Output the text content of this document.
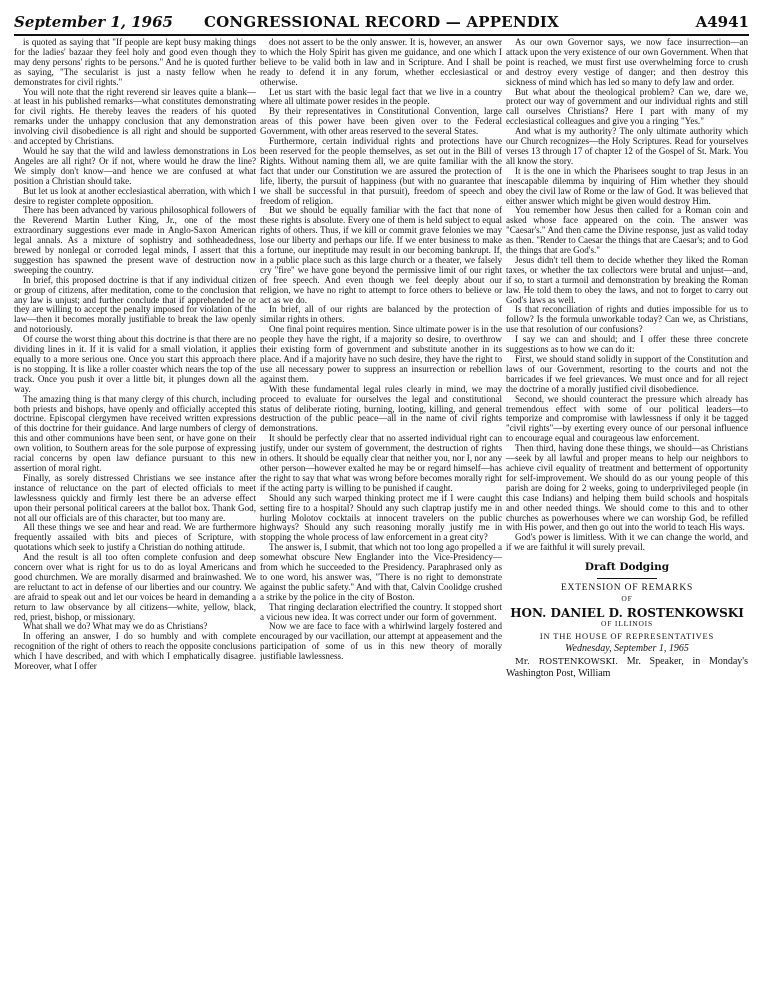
September 1, 1965	CONGRESSIONAL RECORD — APPENDIX	A4941

is quoted as saying that "If people are kept busy making things for the ladies' bazaar they feel holy and good even though they may deny persons' rights to be persons." And he is quoted further as saying, "The secularist is just a nasty fellow when he demonstrates for civil rights."

You will note that the right reverend sir leaves quite a blank—at least in his published remarks—what constitutes demonstrating for civil rights. He thereby leaves the readers of his quoted remarks under the unhappy conclusion that any demonstration involving civil disobedience is all right and should be supported and accepted by Christians.

Would he say that the wild and lawless demonstrations in Los Angeles are all right? Or if not, where would he draw the line? We simply don't know—and hence we are confused at what position a Christian should take.

But let us look at another ecclesiastical aberration, with which I desire to register complete opposition.

There has been advanced by various philosophical followers of the Reverend Martin Luther King, Jr., one of the most extraordinary suggestions ever made in Anglo-Saxon American legal annals. As a mixture of sophistry and sothheadedness, brewed by nonlegal or corroded legal minds, I assert that this suggestion has spawned the present wave of destruction now sweeping the country.

In brief, this proposed doctrine is that if any individual citizen or group of citizens, after meditation, come to the conclusion that any law is unjust; and further conclude that if apprehended he or they are willing to accept the penalty imposed for violation of the law—then it becomes morally justifiable to break the law openly and notoriously.

Of course the worst thing about this doctrine is that there are no dividing lines in it. If it is valid for a small violation, it applies equally to a more serious one. Once you start this approach there is no stopping. It is like a roller coaster which nears the top of the track. Once you push it over a little bit, it plunges down all the way.

The amazing thing is that many clergy of this church, including both priests and bishops, have openly and officially accepted this doctrine. Episcopal clergymen have received written expressions of this doctrine for their guidance. And large numbers of clergy of this and other communions have been sent, or have gone on their own volition, to Southern areas for the sole purpose of expressing racial concerns by open law defiance pursuant to this new assertion of moral right.

Finally, as sorely distressed Christians we see instance after instance of reluctance on the part of elected officials to meet lawlessness quickly and firmly lest there be an adverse effect upon their personal political careers at the ballot box. Thank God, not all our officials are of this character, but too many are.

All these things we see and hear and read. We are furthermore frequently assailed with bits and pieces of Scripture, with quotations which seek to justify a Christian do nothing attitude.

And the result is all too often complete confusion and deep concern over what is right for us to do as loyal Americans and good churchmen. We are morally disarmed and brainwashed. We are reluctant to act in defense of our liberties and our country. We are afraid to speak out and let our voices be heard in demanding a return to law observance by all citizens—white, yellow, black, red, priest, bishop, or missionary.

What shall we do? What may we do as Christians?

In offering an answer, I do so humbly and with complete recognition of the right of others to reach the opposite conclusions which I have described, and with which I emphatically disagree. Moreover, what I offer

does not assert to be the only answer. It is, however, an answer to which the Holy Spirit has given me guidance, and one which I believe to be valid both in law and in Scripture. And I shall be ready to defend it in any forum, whether ecclesiastical or otherwise.

Let us start with the basic legal fact that we live in a country where all ultimate power resides in the people.

By their representatives in Constitutional Convention, large areas of this power have been given over to the Federal Government, with other areas reserved to the several States.

Furthermore, certain individual rights and protections have been reserved for the people themselves, as set out in the Bill of Rights. Without naming them all, we are quite familiar with the fact that under our Constitution we are assured the protection of life, liberty, the pursuit of happiness (but with no guarantee that we shall be successful in that pursuit), freedom of speech and freedom of religion.

But we should be equally familiar with the fact that none of these rights is absolute. Every one of them is held subject to equal rights of others. Thus, if we kill or commit grave felonies we may lose our liberty and perhaps our life. If we enter business to make a fortune, our ineptitude may result in our becoming bankrupt. If, in a public place such as this large church or a theater, we falsely cry "fire" we have gone beyond the permissive limit of our right of free speech. And even though we feel deeply about our religion, we have no right to attempt to force others to believe or act as we do.

In brief, all of our rights are balanced by the protection of similar rights in others.

One final point requires mention. Since ultimate power is in the people they have the right, if a majority so desire, to overthrow their existing form of government and substitute another in its place. And if a majority have no such desire, they have the right to use all necessary power to suppress an insurrection or rebellion against them.

With these fundamental legal rules clearly in mind, we may proceed to evaluate for ourselves the legal and constitutional status of deliberate rioting, burning, looting, killing, and general destruction of the public peace—all in the name of civil rights demonstrations.

It should be perfectly clear that no asserted individual right can justify, under our system of government, the destruction of rights in others. It should be equally clear that neither you, nor I, nor any other person—however exalted he may be or regard himself—has the right to say that what was wrong before becomes morally right if the acting party is willing to be punished if caught.

Should any such warped thinking protect me if I were caught setting fire to a hospital? Should any such claptrap justify me in hurling Molotov cocktails at innocent travelers on the public highways? Should any such reasoning morally justify me in stopping the whole process of law enforcement in a great city?

The answer is, I submit, that which not too long ago propelled a somewhat obscure New Englander into the Vice-Presidency—from which he succeeded to the Presidency. Paraphrased only as to one word, his answer was, "There is no right to demonstrate against the public safety." And with that, Calvin Coolidge crushed a strike by the police in the city of Boston.

That ringing declaration electrified the country. It stopped short a vicious new idea. It was correct under our form of government.

Now we are face to face with a whirlwind largely fostered and encouraged by our vacillation, our attempt at appeasement and the participation of some of us in this new theory of morally justifiable lawlessness.

As our own Governor says, we now face insurrection—an attack upon the very existence of our own Government. When that point is reached, we must first use overwhelming force to crush and destroy every vestige of danger; and then destroy this sickness of mind which has led so many to defy law and order.

But what about the theological problem? Can we, dare we, protect our way of government and our individual rights and still call ourselves Christians? Here I part with many of my ecclesiastical colleagues and give you a ringing "Yes."

And what is my authority? The only ultimate authority which our Church recognizes—the Holy Scriptures. Read for yourselves verses 13 through 17 of chapter 12 of the Gospel of St. Mark. You all know the story.

It is the one in which the Pharisees sought to trap Jesus in an inescapable dilemma by inquiring of Him whether they should obey the civil law of Rome or the law of God. It was believed that either answer which might be given would destroy Him.

You remember how Jesus then called for a Roman coin and asked whose face appeared on the coin. The answer was "Caesar's." And then came the Divine response, just as valid today as then. "Render to Caesar the things that are Caesar's; and to God the things that are God's."

Jesus didn't tell them to decide whether they liked the Roman taxes, or whether the tax collectors were brutal and unjust—and, if so, to start a turmoil and demonstration by breaking the Roman law. He told them to obey the laws, and not to forget to carry out God's laws as well.

Is that reconciliation of rights and duties impossible for us to follow? Is the formula unworkable today? Can we, as Christians, use that resolution of our confusions?

I say we can and should; and I offer these three concrete suggestions as to how we can do it:

First, we should stand solidly in support of the Constitution and laws of our Government, resorting to the courts and not the barricades if we feel grievances. We must once and for all reject the doctrine of a morally justified civil disobedience.

Second, we should counteract the pressure which already has tremendous effect with some of our political leaders—to temporize and compromise with lawlessness if only it be tagged "civil rights"—by exerting every ounce of our personal influence to encourage equal and courageous law enforcement.

Then third, having done these things, we should—as Christians—seek by all lawful and proper means to help our neighbors to achieve civil equality of treatment and betterment of opportunity for self-improvement. We should do as our young people of this parish are doing for 2 weeks, going to underprivileged people (in this case Indians) and helping them build schools and hospitals and other needed things. We should come to this and to other churches as powerhouses where we can worship God, be refilled with His power, and then go out into the world to teach His ways.

God's power is limitless. With it we can change the world, and if we are faithful it will surely prevail.

Draft Dodging

EXTENSION OF REMARKS

OF

HON. DANIEL D. ROSTENKOWSKI

OF ILLINOIS

IN THE HOUSE OF REPRESENTATIVES

Wednesday, September 1, 1965

Mr. ROSTENKOWSKI. Mr. Speaker, in Monday's Washington Post, William
